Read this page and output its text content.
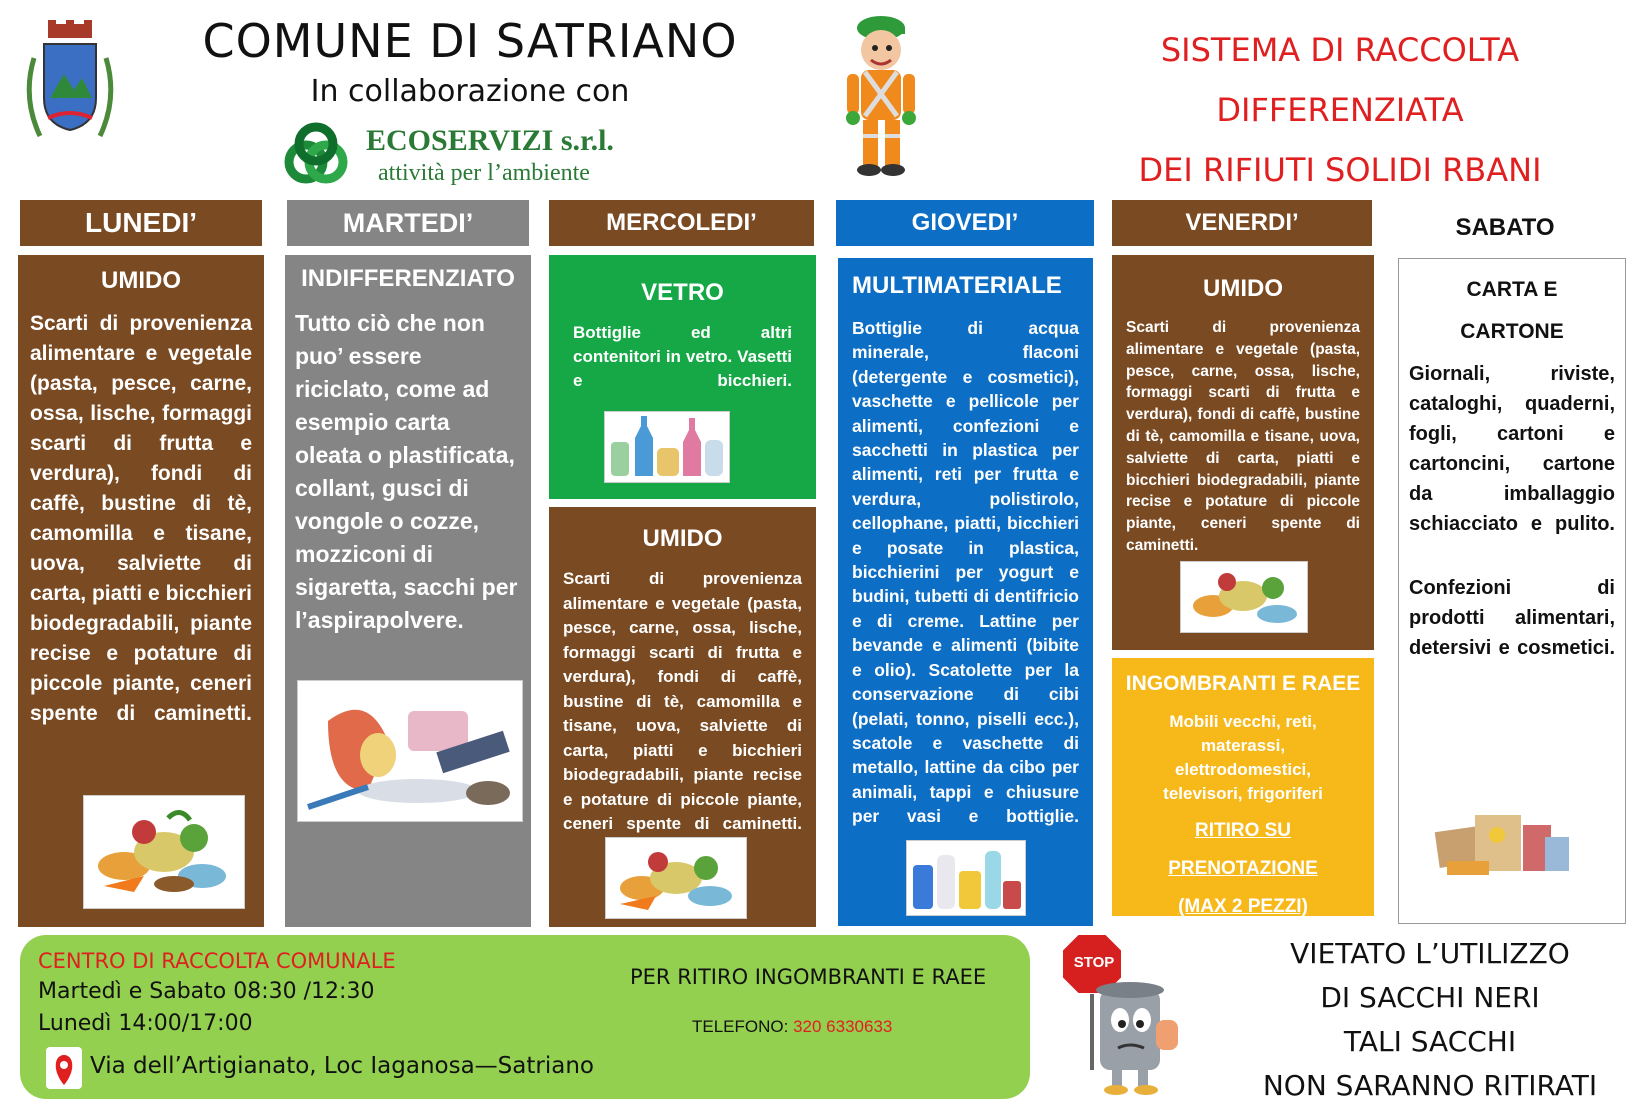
COMUNE DI SATRIANO
In collaborazione con
ECOSERVIZI s.r.l.
attività per l’ambiente
SISTEMA DI RACCOLTA
DIFFERENZIATA
DEI RIFIUTI SOLIDI RBANI
LUNEDI’	MARTEDI’	MERCOLEDI’	GIOVEDI’	VENERDI’	SABATO
UMIDO
Scarti di provenienza alimentare e vegetale (pasta, pesce, carne, ossa, lische, formaggi scarti di frutta e verdura), fondi di caffè, bustine di tè, camomilla e tisane, uova, salviette di carta, piatti e bicchieri biodegradabili, piante recise e potature di piccole piante, ceneri spente di caminetti.
INDIFFERENZIATO
Tutto ciò che non puo’ essere riciclato, come ad esempio carta oleata o plastificata, collant, gusci di vongole o cozze, mozziconi di sigaretta, sacchi per l’aspirapolvere.
VETRO
Bottiglie ed altri contenitori in vetro. Vasetti e bicchieri.
UMIDO
Scarti di provenienza alimentare e vegetale (pasta, pesce, carne, ossa, lische, formaggi scarti di frutta e verdura), fondi di caffè, bustine di tè, camomilla e tisane, uova, salviette di carta, piatti e bicchieri biodegradabili, piante recise e potature di piccole piante, ceneri spente di caminetti.
MULTIMATERIALE
Bottiglie di acqua minerale, flaconi (detergente e cosmetici), vaschette e pellicole per alimenti, confezioni e sacchetti in plastica per alimenti, reti per frutta e verdura, polistirolo, cellophane, piatti, bicchieri e posate in plastica, bicchierini per yogurt e budini, tubetti di dentifricio e di creme. Lattine per bevande e alimenti (bibite e olio). Scatolette per la conservazione di cibi (pelati, tonno, piselli ecc.), scatole e vaschette di metallo, lattine da cibo per animali, tappi e chiusure per vasi e bottiglie.
UMIDO
Scarti di provenienza alimentare e vegetale (pasta, pesce, carne, ossa, lische, formaggi scarti di frutta e verdura), fondi di caffè, bustine di tè, camomilla e tisane, uova, salviette di carta, piatti e bicchieri biodegradabili, piante recise e potature di piccole piante, ceneri spente di caminetti.
INGOMBRANTI E RAEE
Mobili vecchi, reti, materassi, elettrodomestici, televisori, frigoriferi
RITIRO SU
PRENOTAZIONE
(MAX 2 PEZZI)
CARTA E
CARTONE
Giornali, riviste, cataloghi, quaderni, fogli, cartoni e cartoncini, cartone da imballaggio schiacciato e pulito.
Confezioni di prodotti alimentari, detersivi e cosmetici.
CENTRO DI RACCOLTA COMUNALE
Martedì e Sabato 08:30 /12:30
Lunedì 14:00/17:00
Via dell’Artigianato, Loc Iaganosa—Satriano
PER RITIRO INGOMBRANTI E RAEE
TELEFONO: 320 6330633
STOP	VIETATO L’UTILIZZO
DI SACCHI NERI
TALI SACCHI
NON SARANNO RITIRATI
